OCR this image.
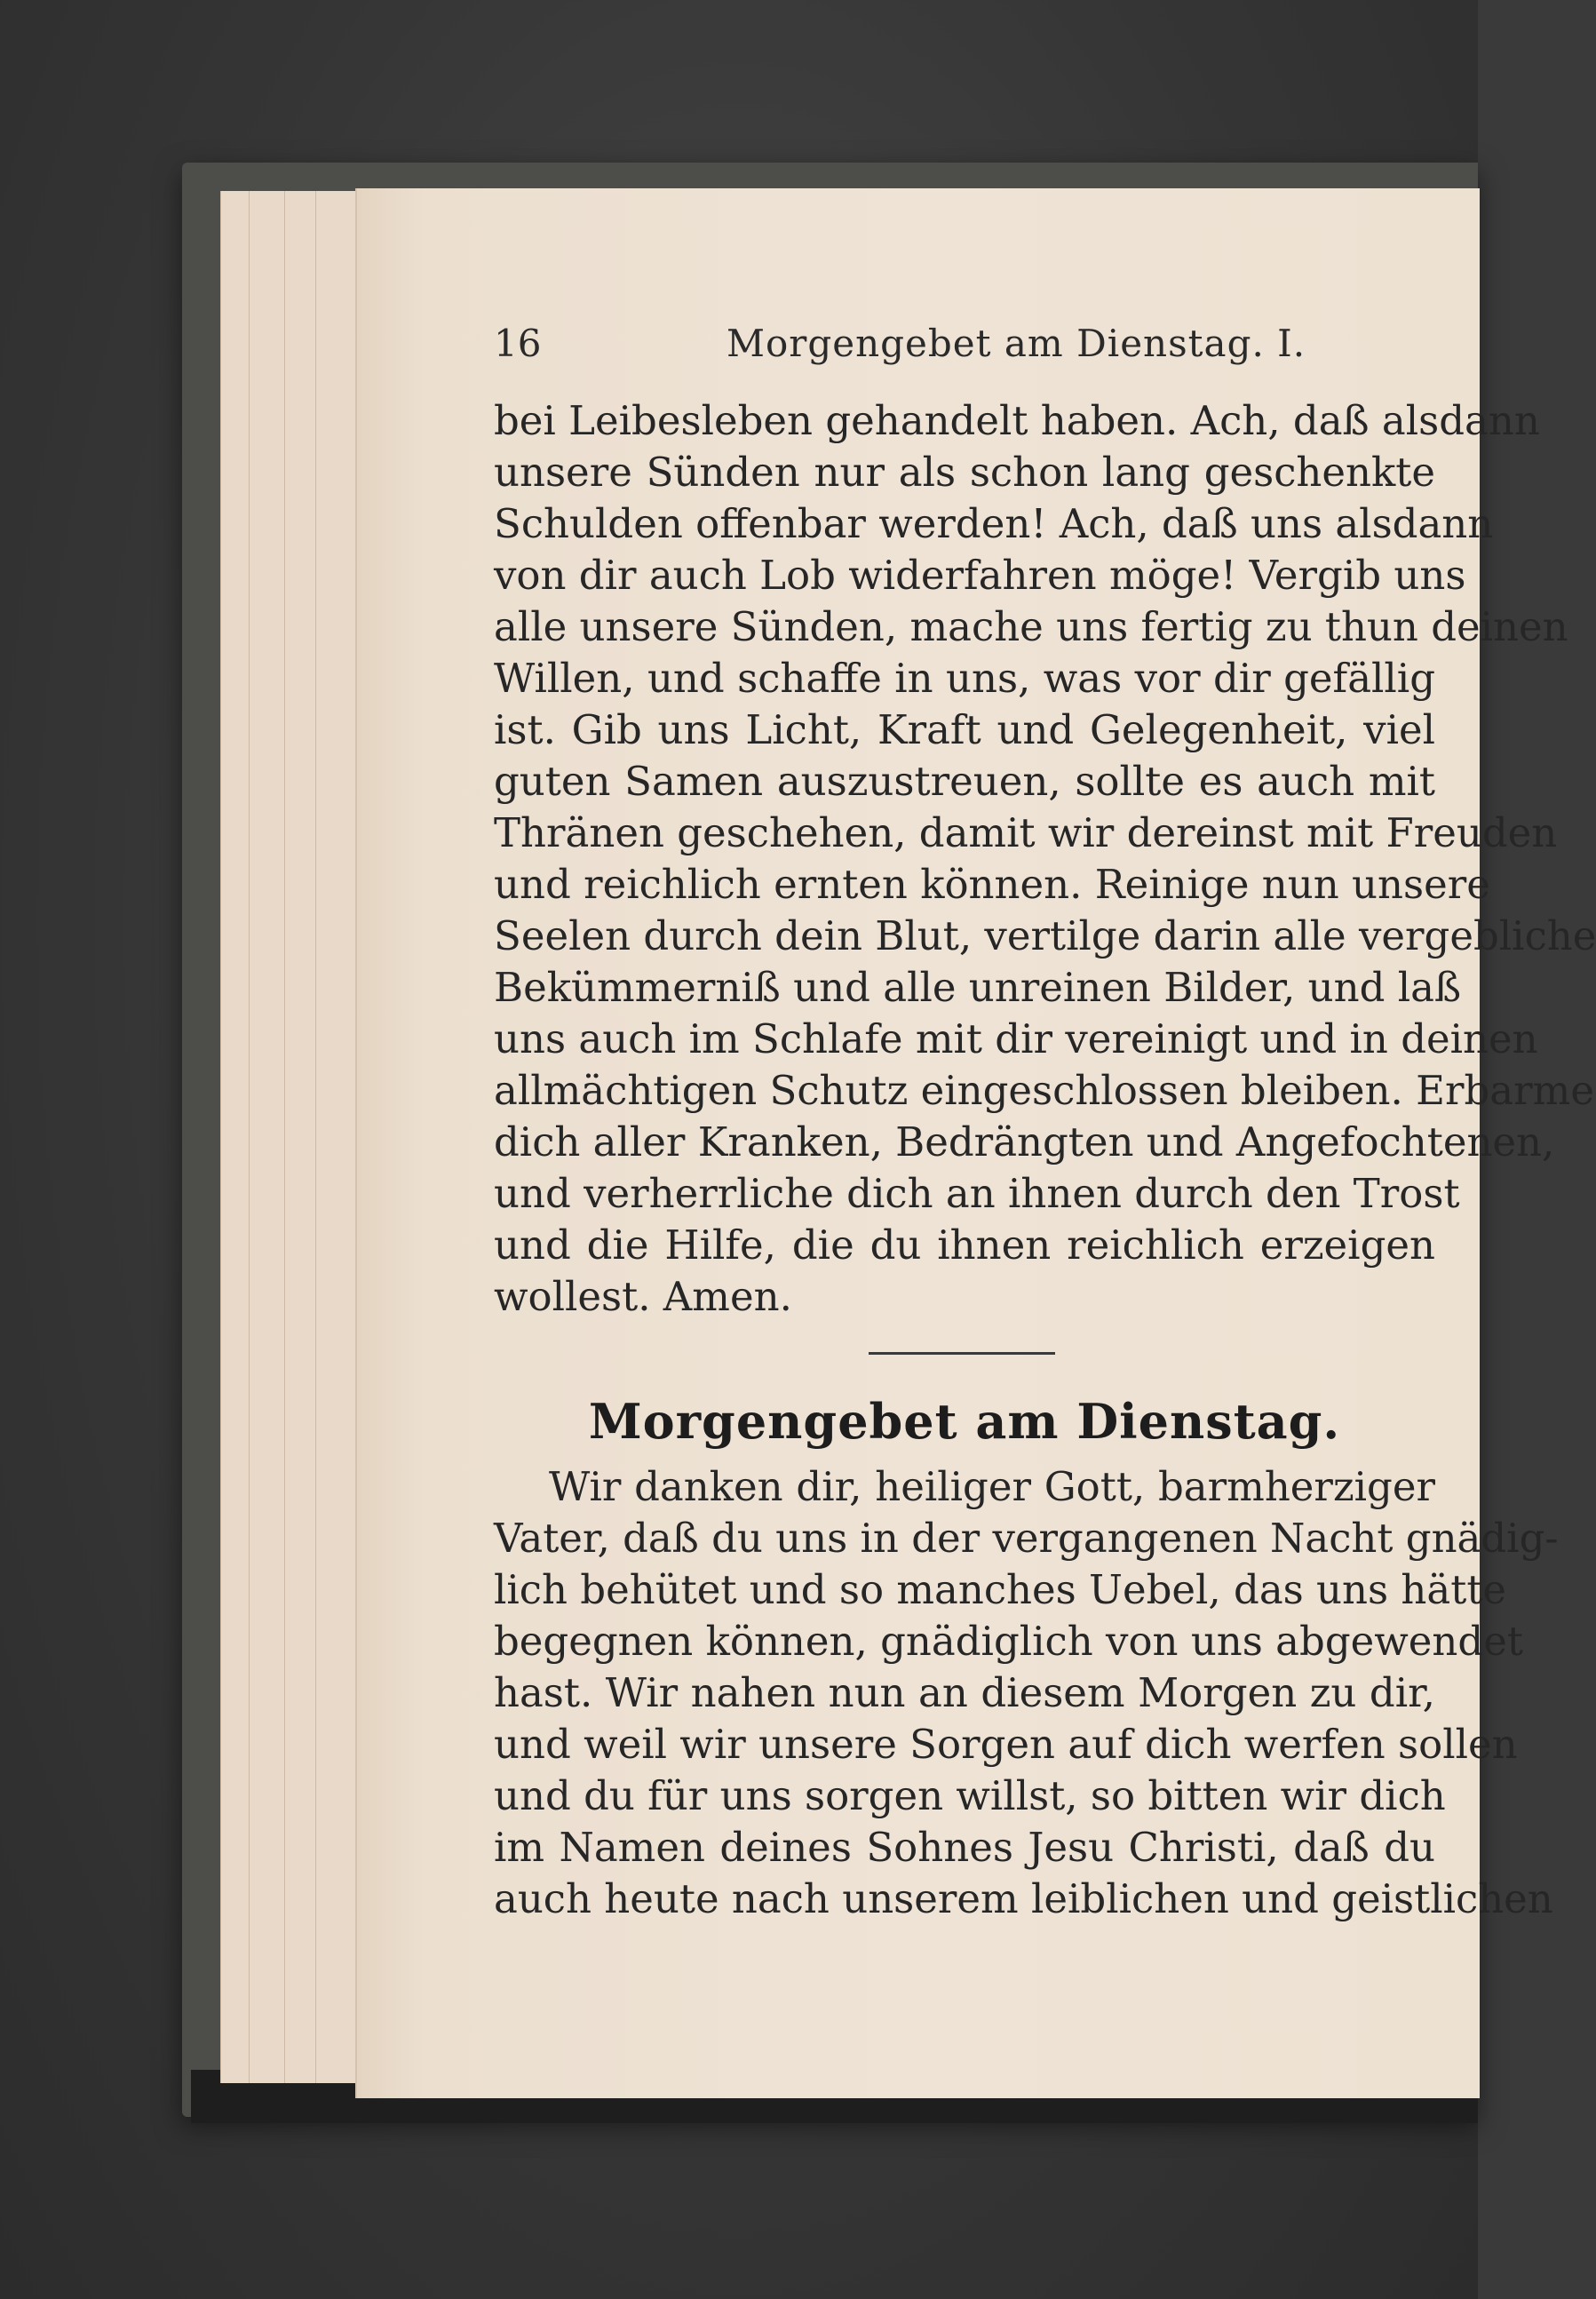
16	Morgengebet am Dienstag. I.
bei Leibesleben gehandelt haben. Ach, daß alsdann
unsere Sünden nur als schon lang geschenkte
Schulden offenbar werden! Ach, daß uns alsdann
von dir auch Lob widerfahren möge! Vergib uns
alle unsere Sünden, mache uns fertig zu thun deinen
Willen, und schaffe in uns, was vor dir gefällig
ist. Gib uns Licht, Kraft und Gelegenheit, viel
guten Samen auszustreuen, sollte es auch mit
Thränen geschehen, damit wir dereinst mit Freuden
und reichlich ernten können. Reinige nun unsere
Seelen durch dein Blut, vertilge darin alle vergebliche
Bekümmerniß und alle unreinen Bilder, und laß
uns auch im Schlafe mit dir vereinigt und in deinen
allmächtigen Schutz eingeschlossen bleiben. Erbarme
dich aller Kranken, Bedrängten und Angefochtenen,
und verherrliche dich an ihnen durch den Trost
und die Hilfe, die du ihnen reichlich erzeigen
wollest. Amen.
Morgengebet am Dienstag.
Wir danken dir, heiliger Gott, barmherziger
Vater, daß du uns in der vergangenen Nacht gnädig-
lich behütet und so manches Uebel, das uns hätte
begegnen können, gnädiglich von uns abgewendet
hast. Wir nahen nun an diesem Morgen zu dir,
und weil wir unsere Sorgen auf dich werfen sollen
und du für uns sorgen willst, so bitten wir dich
im Namen deines Sohnes Jesu Christi, daß du
auch heute nach unserem leiblichen und geistlichen
